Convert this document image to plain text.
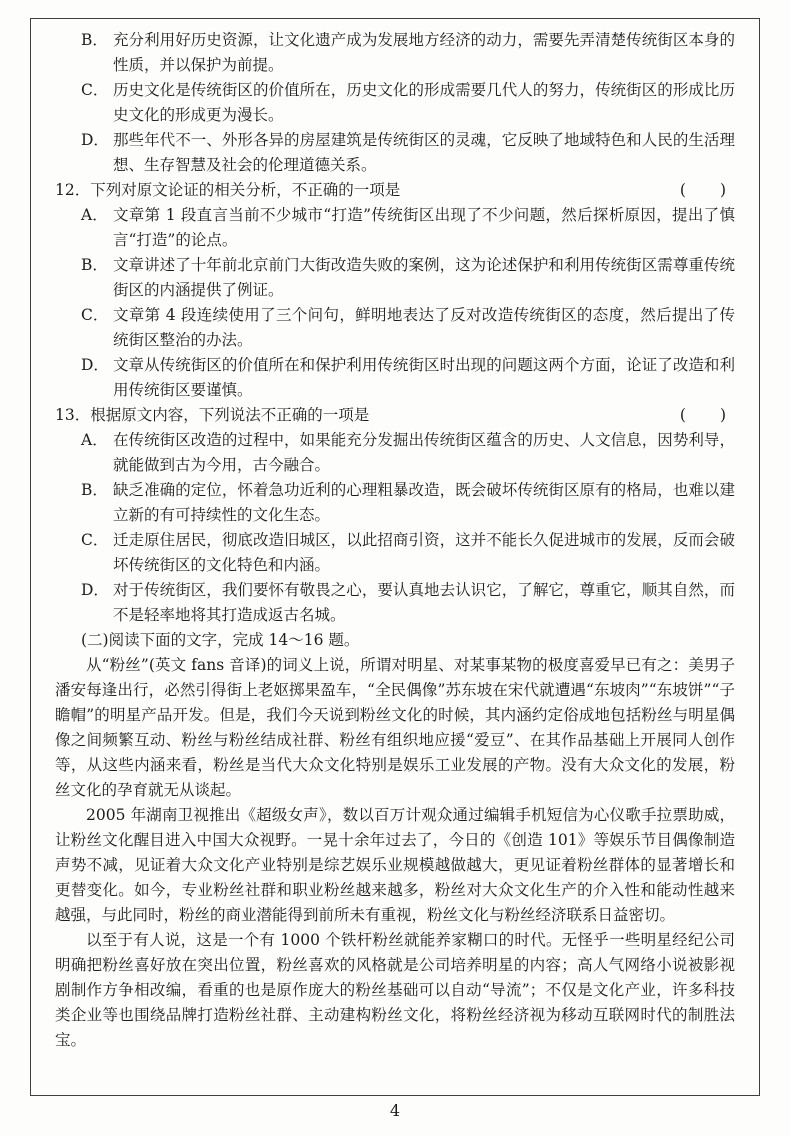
B． 充分利用好历史资源，让文化遗产成为发展地方经济的动力，需要先弄清楚传统街区本身的性质，并以保护为前提。
C． 历史文化是传统街区的价值所在，历史文化的形成需要几代人的努力，传统街区的形成比历史文化的形成更为漫长。
D． 那些年代不一、外形各异的房屋建筑是传统街区的灵魂，它反映了地域特色和人民的生活理想、生存智慧及社会的伦理道德关系。
12． 下列对原文论证的相关分析，不正确的一项是	(　　)
A． 文章第 1 段直言当前不少城市“打造”传统街区出现了不少问题，然后探析原因，提出了慎言“打造”的论点。
B． 文章讲述了十年前北京前门大街改造失败的案例，这为论述保护和利用传统街区需尊重传统街区的内涵提供了例证。
C． 文章第 4 段连续使用了三个问句，鲜明地表达了反对改造传统街区的态度，然后提出了传统街区整治的办法。
D． 文章从传统街区的价值所在和保护利用传统街区时出现的问题这两个方面，论证了改造和利用传统街区要谨慎。
13． 根据原文内容，下列说法不正确的一项是	(　　)
A． 在传统街区改造的过程中，如果能充分发掘出传统街区蕴含的历史、人文信息，因势利导，就能做到古为今用，古今融合。
B． 缺乏准确的定位，怀着急功近利的心理粗暴改造，既会破坏传统街区原有的格局，也难以建立新的有可持续性的文化生态。
C． 迁走原住居民，彻底改造旧城区，以此招商引资，这并不能长久促进城市的发展，反而会破坏传统街区的文化特色和内涵。
D． 对于传统街区，我们要怀有敬畏之心，要认真地去认识它，了解它，尊重它，顺其自然，而不是轻率地将其打造成返古名城。
(二)阅读下面的文字，完成 14～16 题。

从“粉丝”(英文 fans 音译)的词义上说，所谓对明星、对某事某物的极度喜爱早已有之：美男子潘安每逢出行，必然引得街上老妪掷果盈车，“全民偶像”苏东坡在宋代就遭遇“东坡肉”“东坡饼”“子瞻帽”的明星产品开发。但是，我们今天说到粉丝文化的时候，其内涵约定俗成地包括粉丝与明星偶像之间频繁互动、粉丝与粉丝结成社群、粉丝有组织地应援“爱豆”、在其作品基础上开展同人创作等，从这些内涵来看，粉丝是当代大众文化特别是娱乐工业发展的产物。没有大众文化的发展，粉丝文化的孕育就无从谈起。

2005 年湖南卫视推出《超级女声》，数以百万计观众通过编辑手机短信为心仪歌手拉票助威，让粉丝文化醒目进入中国大众视野。一晃十余年过去了，今日的《创造 101》等娱乐节目偶像制造声势不减，见证着大众文化产业特别是综艺娱乐业规模越做越大，更见证着粉丝群体的显著增长和更替变化。如今，专业粉丝社群和职业粉丝越来越多，粉丝对大众文化生产的介入性和能动性越来越强，与此同时，粉丝的商业潜能得到前所未有重视，粉丝文化与粉丝经济联系日益密切。

以至于有人说，这是一个有 1000 个铁杆粉丝就能养家糊口的时代。无怪乎一些明星经纪公司明确把粉丝喜好放在突出位置，粉丝喜欢的风格就是公司培养明星的内容；高人气网络小说被影视剧制作方争相改编，看重的也是原作庞大的粉丝基础可以自动“导流”；不仅是文化产业，许多科技类企业等也围绕品牌打造粉丝社群、主动建构粉丝文化，将粉丝经济视为移动互联网时代的制胜法宝。

4
